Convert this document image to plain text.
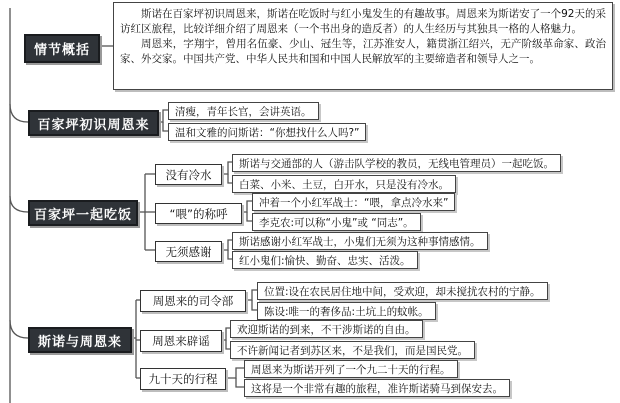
情节概括
百家坪初识周恩来
百家坪一起吃饭
斯诺与周恩来

斯诺在百家坪初识周恩来，斯诺在吃饭时与红小鬼发生的有趣故事。周恩来为斯诺安了一个92天的采访红区旅程，比较详细介绍了周恩来（一个书出身的造反者）的人生经历与其独具一格的人格魅力。

周恩来，字翔宇，曾用名伍豪、少山、冠生等，江苏淮安人，籍贯浙江绍兴，无产阶级革命家、政治家、外交家。中国共产党、中华人民共和国和中国人民解放军的主要缔造者和领导人之一。

清瘦，青年长官，会讲英语。
温和文雅的问斯诺：“你想找什么人吗?”
没有冷水
斯诺与交通部的人（游击队学校的教员，无线电管理员）一起吃饭。
白菜、小米、土豆，白开水，只是没有冷水。
“喂”的称呼
冲着一个小红军战士：“喂，拿点冷水来”
李克农:可以称“小鬼”或 “同志”。
无须感谢
斯诺感谢小红军战士，小鬼们无须为这种事情感情。
红小鬼们:愉快、勤奋、忠实、活泼。
周恩来的司令部
位置:设在农民居住地中间，受欢迎，却未搅扰农村的宁静。
陈设:唯一的奢侈品:土坑上的蚊帐。
周恩来辟谣
欢迎斯诺的到来，不干涉斯诺的自由。
不许新闻记者到苏区来，不是我们，而是国民党。
九十天的行程
周恩来为斯诺开列了一个九二十天的行程。
这将是一个非常有趣的旅程，准许斯诺骑马到保安去。
